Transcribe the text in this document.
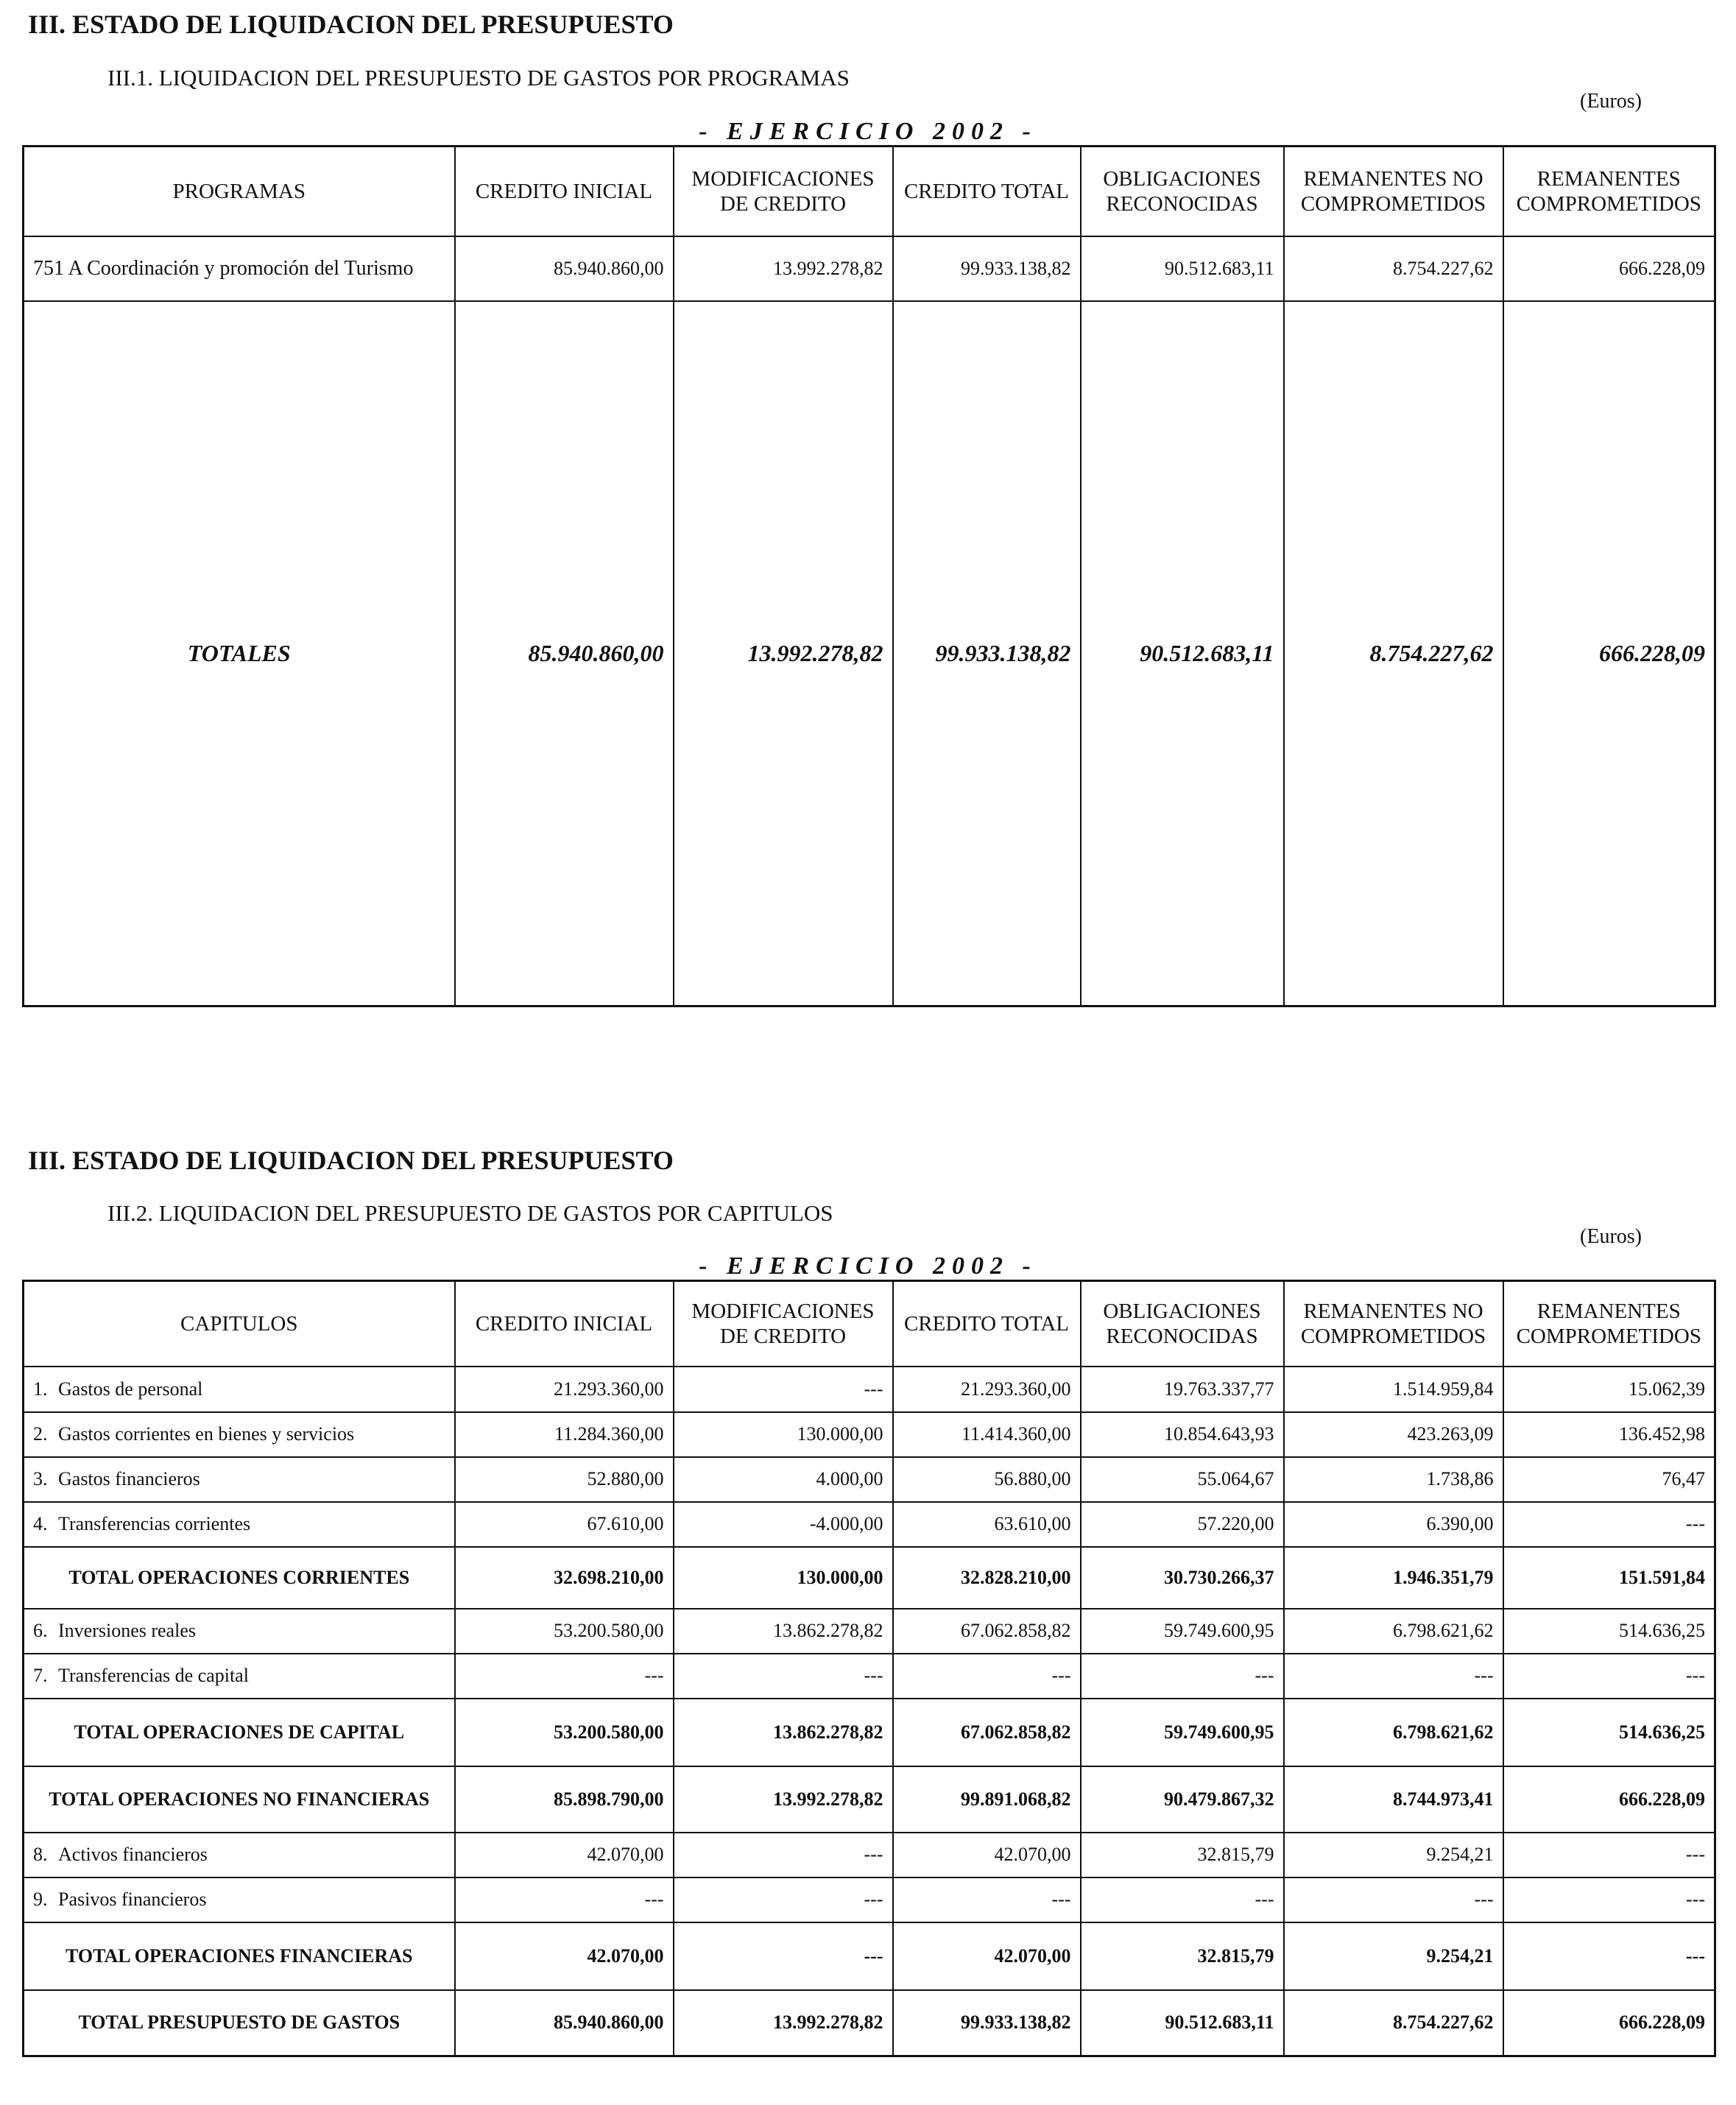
III. ESTADO DE LIQUIDACION DEL PRESUPUESTO
III.1. LIQUIDACION DEL PRESUPUESTO DE GASTOS POR PROGRAMAS
(Euros)
- EJERCICIO 2002 -
PROGRAMAS	CREDITO INICIAL	MODIFICACIONES DE CREDITO	CREDITO TOTAL	OBLIGACIONES RECONOCIDAS	REMANENTES NO COMPROMETIDOS	REMANENTES COMPROMETIDOS
751 A Coordinación y promoción del Turismo	85.940.860,00	13.992.278,82	99.933.138,82	90.512.683,11	8.754.227,62	666.228,09
TOTALES	85.940.860,00	13.992.278,82	99.933.138,82	90.512.683,11	8.754.227,62	666.228,09
III. ESTADO DE LIQUIDACION DEL PRESUPUESTO
III.2. LIQUIDACION DEL PRESUPUESTO DE GASTOS POR CAPITULOS
(Euros)
- EJERCICIO 2002 -
CAPITULOS	CREDITO INICIAL	MODIFICACIONES DE CREDITO	CREDITO TOTAL	OBLIGACIONES RECONOCIDAS	REMANENTES NO COMPROMETIDOS	REMANENTES COMPROMETIDOS
1. Gastos de personal	21.293.360,00	---	21.293.360,00	19.763.337,77	1.514.959,84	15.062,39
2. Gastos corrientes en bienes y servicios	11.284.360,00	130.000,00	11.414.360,00	10.854.643,93	423.263,09	136.452,98
3. Gastos financieros	52.880,00	4.000,00	56.880,00	55.064,67	1.738,86	76,47
4. Transferencias corrientes	67.610,00	-4.000,00	63.610,00	57.220,00	6.390,00	---
TOTAL OPERACIONES CORRIENTES	32.698.210,00	130.000,00	32.828.210,00	30.730.266,37	1.946.351,79	151.591,84
6. Inversiones reales	53.200.580,00	13.862.278,82	67.062.858,82	59.749.600,95	6.798.621,62	514.636,25
7. Transferencias de capital	---	---	---	---	---	---
TOTAL OPERACIONES DE CAPITAL	53.200.580,00	13.862.278,82	67.062.858,82	59.749.600,95	6.798.621,62	514.636,25
TOTAL OPERACIONES NO FINANCIERAS	85.898.790,00	13.992.278,82	99.891.068,82	90.479.867,32	8.744.973,41	666.228,09
8. Activos financieros	42.070,00	---	42.070,00	32.815,79	9.254,21	---
9. Pasivos financieros	---	---	---	---	---	---
TOTAL OPERACIONES FINANCIERAS	42.070,00	---	42.070,00	32.815,79	9.254,21	---
TOTAL PRESUPUESTO DE GASTOS	85.940.860,00	13.992.278,82	99.933.138,82	90.512.683,11	8.754.227,62	666.228,09
